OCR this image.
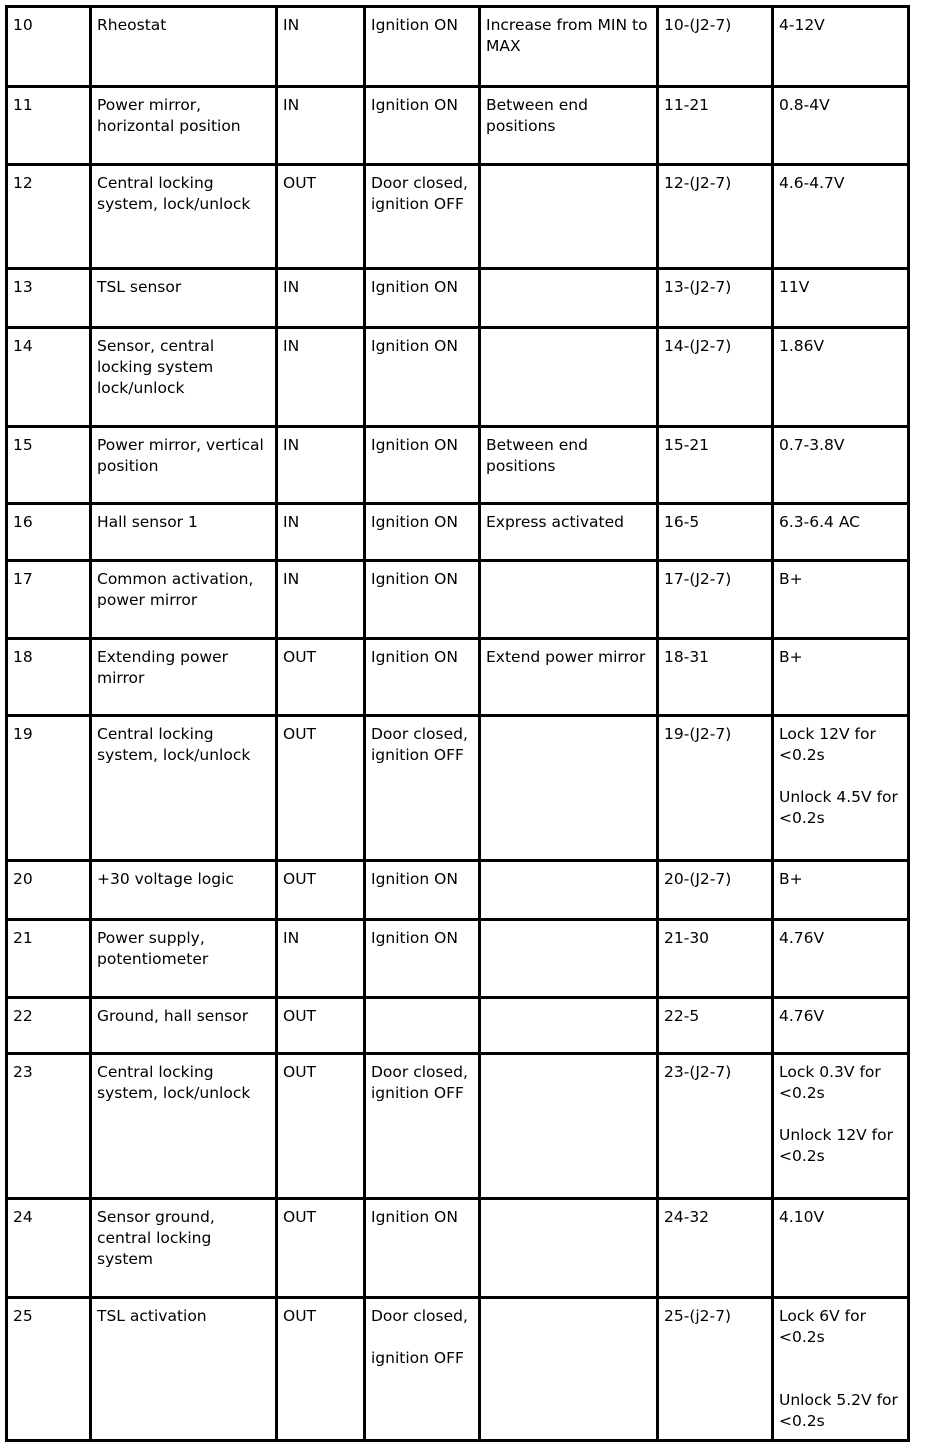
10	Rheostat	IN	Ignition ON	Increase from MIN to MAX	10-(J2-7)	4-12V
11	Power mirror, horizontal position	IN	Ignition ON	Between end positions	11-21	0.8-4V
12	Central locking system, lock/unlock	OUT	Door closed, ignition OFF		12-(J2-7)	4.6-4.7V
13	TSL sensor	IN	Ignition ON		13-(J2-7)	11V
14	Sensor, central locking system lock/unlock	IN	Ignition ON		14-(J2-7)	1.86V
15	Power mirror, vertical position	IN	Ignition ON	Between end positions	15-21	0.7-3.8V
16	Hall sensor 1	IN	Ignition ON	Express activated	16-5	6.3-6.4 AC
17	Common activation, power mirror	IN	Ignition ON		17-(J2-7)	B+
18	Extending power mirror	OUT	Ignition ON	Extend power mirror	18-31	B+
19	Central locking system, lock/unlock	OUT	Door closed, ignition OFF		19-(J2-7)	Lock 12V for <0.2s

Unlock 4.5V for <0.2s
20	+30 voltage logic	OUT	Ignition ON		20-(J2-7)	B+
21	Power supply, potentiometer	IN	Ignition ON		21-30	4.76V
22	Ground, hall sensor	OUT			22-5	4.76V
23	Central locking system, lock/unlock	OUT	Door closed, ignition OFF		23-(J2-7)	Lock 0.3V for <0.2s

Unlock 12V for <0.2s
24	Sensor ground, central locking system	OUT	Ignition ON		24-32	4.10V
25	TSL activation	OUT	Door closed,

ignition OFF		25-(j2-7)	Lock 6V for <0.2s

Unlock 5.2V for <0.2s
